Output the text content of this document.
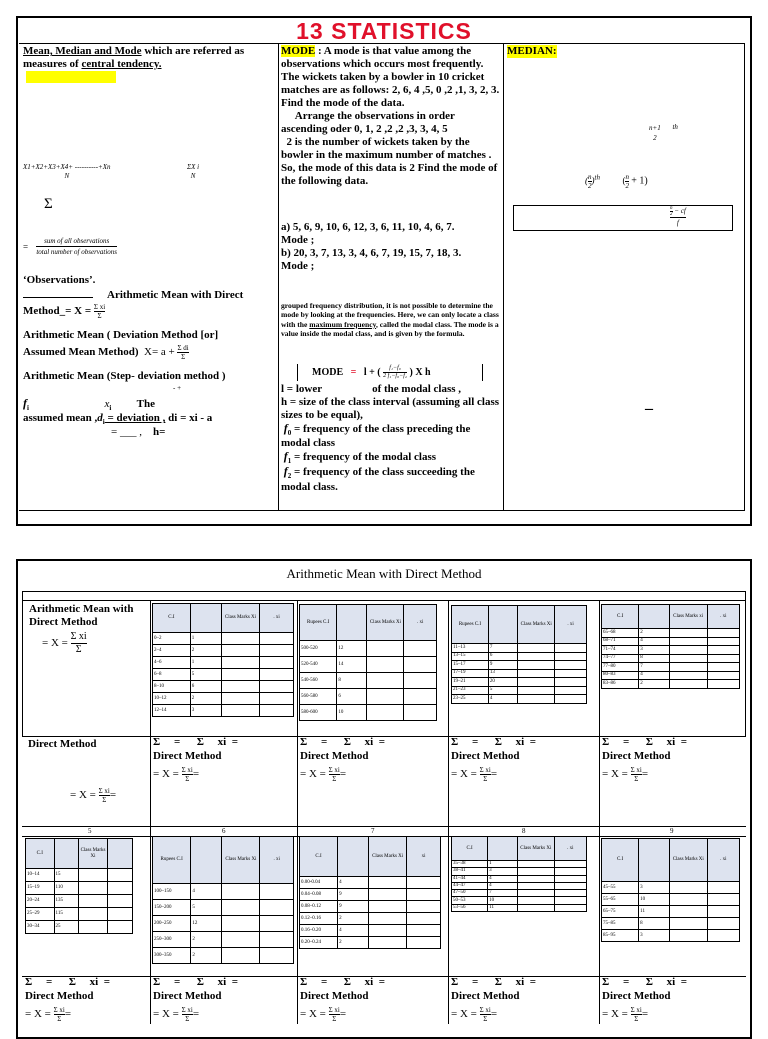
13 STATISTICS
Mean, Median and Mode which are referred as
measures of central tendency.
X1+X2+X3+X4+ ----------+Xn
N
ΣX i
N
Σ
=
sum of all observations
total number of observations
‘Observations’.
Arithmetic Mean with Direct
Method_= $X = \frac{\text{Σ xi}}{\Sigma}$
Arithmetic Mean ( Deviation Method [or]
Assumed Mean Method) $X= a + \frac{\text{Σ di}}{\Sigma}$
Arithmetic Mean (Step- deviation method )
- +
$f_i$	$x_i$ The
assumed mean $,d_i$ = deviation , di = xi - a
= ___ , h=
MODE : A mode is that value among the observations which occurs most frequently. The wickets taken by a bowler in 10 cricket matches are as follows: 2, 6, 4 ,5, 0 ,2 ,1, 3, 2, 3. Find the mode of the data.
Arrange the observations in order ascending oder 0, 1, 2 ,2 ,2 ,3, 3, 4, 5
2 is the number of wickets taken by the bowler in the maximum number of matches . So, the mode of this data is 2 Find the mode of the following data.
a) 5, 6, 9, 10, 6, 12, 3, 6, 11, 10, 4, 6, 7.
Mode ;
b) 20, 3, 7, 13, 3, 4, 6, 7, 19, 15, 7, 18, 3.
Mode ;
grouped frequency distribution, it is not possible to determine the mode by looking at the frequencies. Here, we can only locate a class with the maximum frequency, called the modal class. The mode is a value inside the modal class, and is given by the formula.
MODE = l + ( $\frac{\text{f₁−f₀}}{\text{2 f₁−f₀−f₂}}$ ) X h
l = lower	of the modal class ,
h = size of the class interval (assuming all class sizes to be equal),
$f_0$ = frequency of the class preceding the modal class
$f_1$ = frequency of the modal class
$f_2$ = frequency of the class succeeding the modal class.
MEDIAN:
n+1
2
th
( $\frac{n}{2} )^{th}$	( $\frac{n}{2} + 1$)
$\frac{n}{2}$ − cf
f
–
Arithmetic Mean with Direct Method
Arithmetic Mean with Direct Method
= $X = \frac{\text{Σ xi}}{\Sigma}$
5	6	7	8	9
Direct Method
= $X = \frac{\text{Σ xi}}{\Sigma}$ =
Σ     =      Σ     xi  =
Direct Method
= $X = \frac{\text{Σ xi}}{\Sigma}$ =
Σ     =      Σ     xi  =
Direct Method
= $X = \frac{\text{Σ xi}}{\Sigma}$ =
Σ     =      Σ     xi  =
Direct Method
= $X = \frac{\text{Σ xi}}{\Sigma}$ =
Σ     =      Σ     xi  =
Direct Method
= $X = \frac{\text{Σ xi}}{\Sigma}$ =
Σ     =      Σ     xi  =
Direct Method
= $X = \frac{\text{Σ xi}}{\Sigma}$ =
Σ     =      Σ     xi  =
Direct Method
= $X = \frac{\text{Σ xi}}{\Sigma}$ =
Σ     =      Σ     xi  =
Direct Method
= $X = \frac{\text{Σ xi}}{\Sigma}$ =
Σ     =      Σ     xi  =
Direct Method
= $X = \frac{\text{Σ xi}}{\Sigma}$ =
Σ     =      Σ     xi  =
Direct Method
= $X = \frac{\text{Σ xi}}{\Sigma}$ =
C.I		Class Marks Xi	. xi
0–2	1		
2–4	2		
4–6	1		
6–8	5		
8–10	6		
10–12	2		
12–14	3		
Rupees C.I		Class Marks Xi	. xi
500-520	12		
520-540	14		
540-560	8		
560-580	6		
580-600	10		
Rupees C.I		Class Marks Xi	. xi
11–13	7		
13–15	6		
15–17	9		
17–19	13		
19–21	20		
21–23	5		
23–25	4		
C.I		Class Marks xi	. xi
65–68	2		
68–71	4		
71–74	3		
74–77	8		
77–80	7		
80–83	4		
83–86	2		
C.I		Class Marks Xi	
10–14	15		
15–19	110		
20–24	135		
25–29	115		
30–34	25		
Rupees C.I		Class Marks Xi	. xi
100–150	4		
150–200	5		
200–250	12		
250–300	2		
300–350	2		
C.I		Class Marks Xi	xi
0.00-0.04	4		
0.04–0.08	9		
0.08–0.12	9		
0.12–0.16	2		
0.16–0.20	4		
0.20–0.24	2		
C.I		Class Marks Xi	. xi
35–38	1		
38–41	3		
41–44	4		
44–47	4		
47–50	7		
50–53	10		
53–56	11		
C.I		Class Marks Xi	. xi
45–55	3		
55–65	10		
65–75	11		
75–85	8		
85–95	3		
